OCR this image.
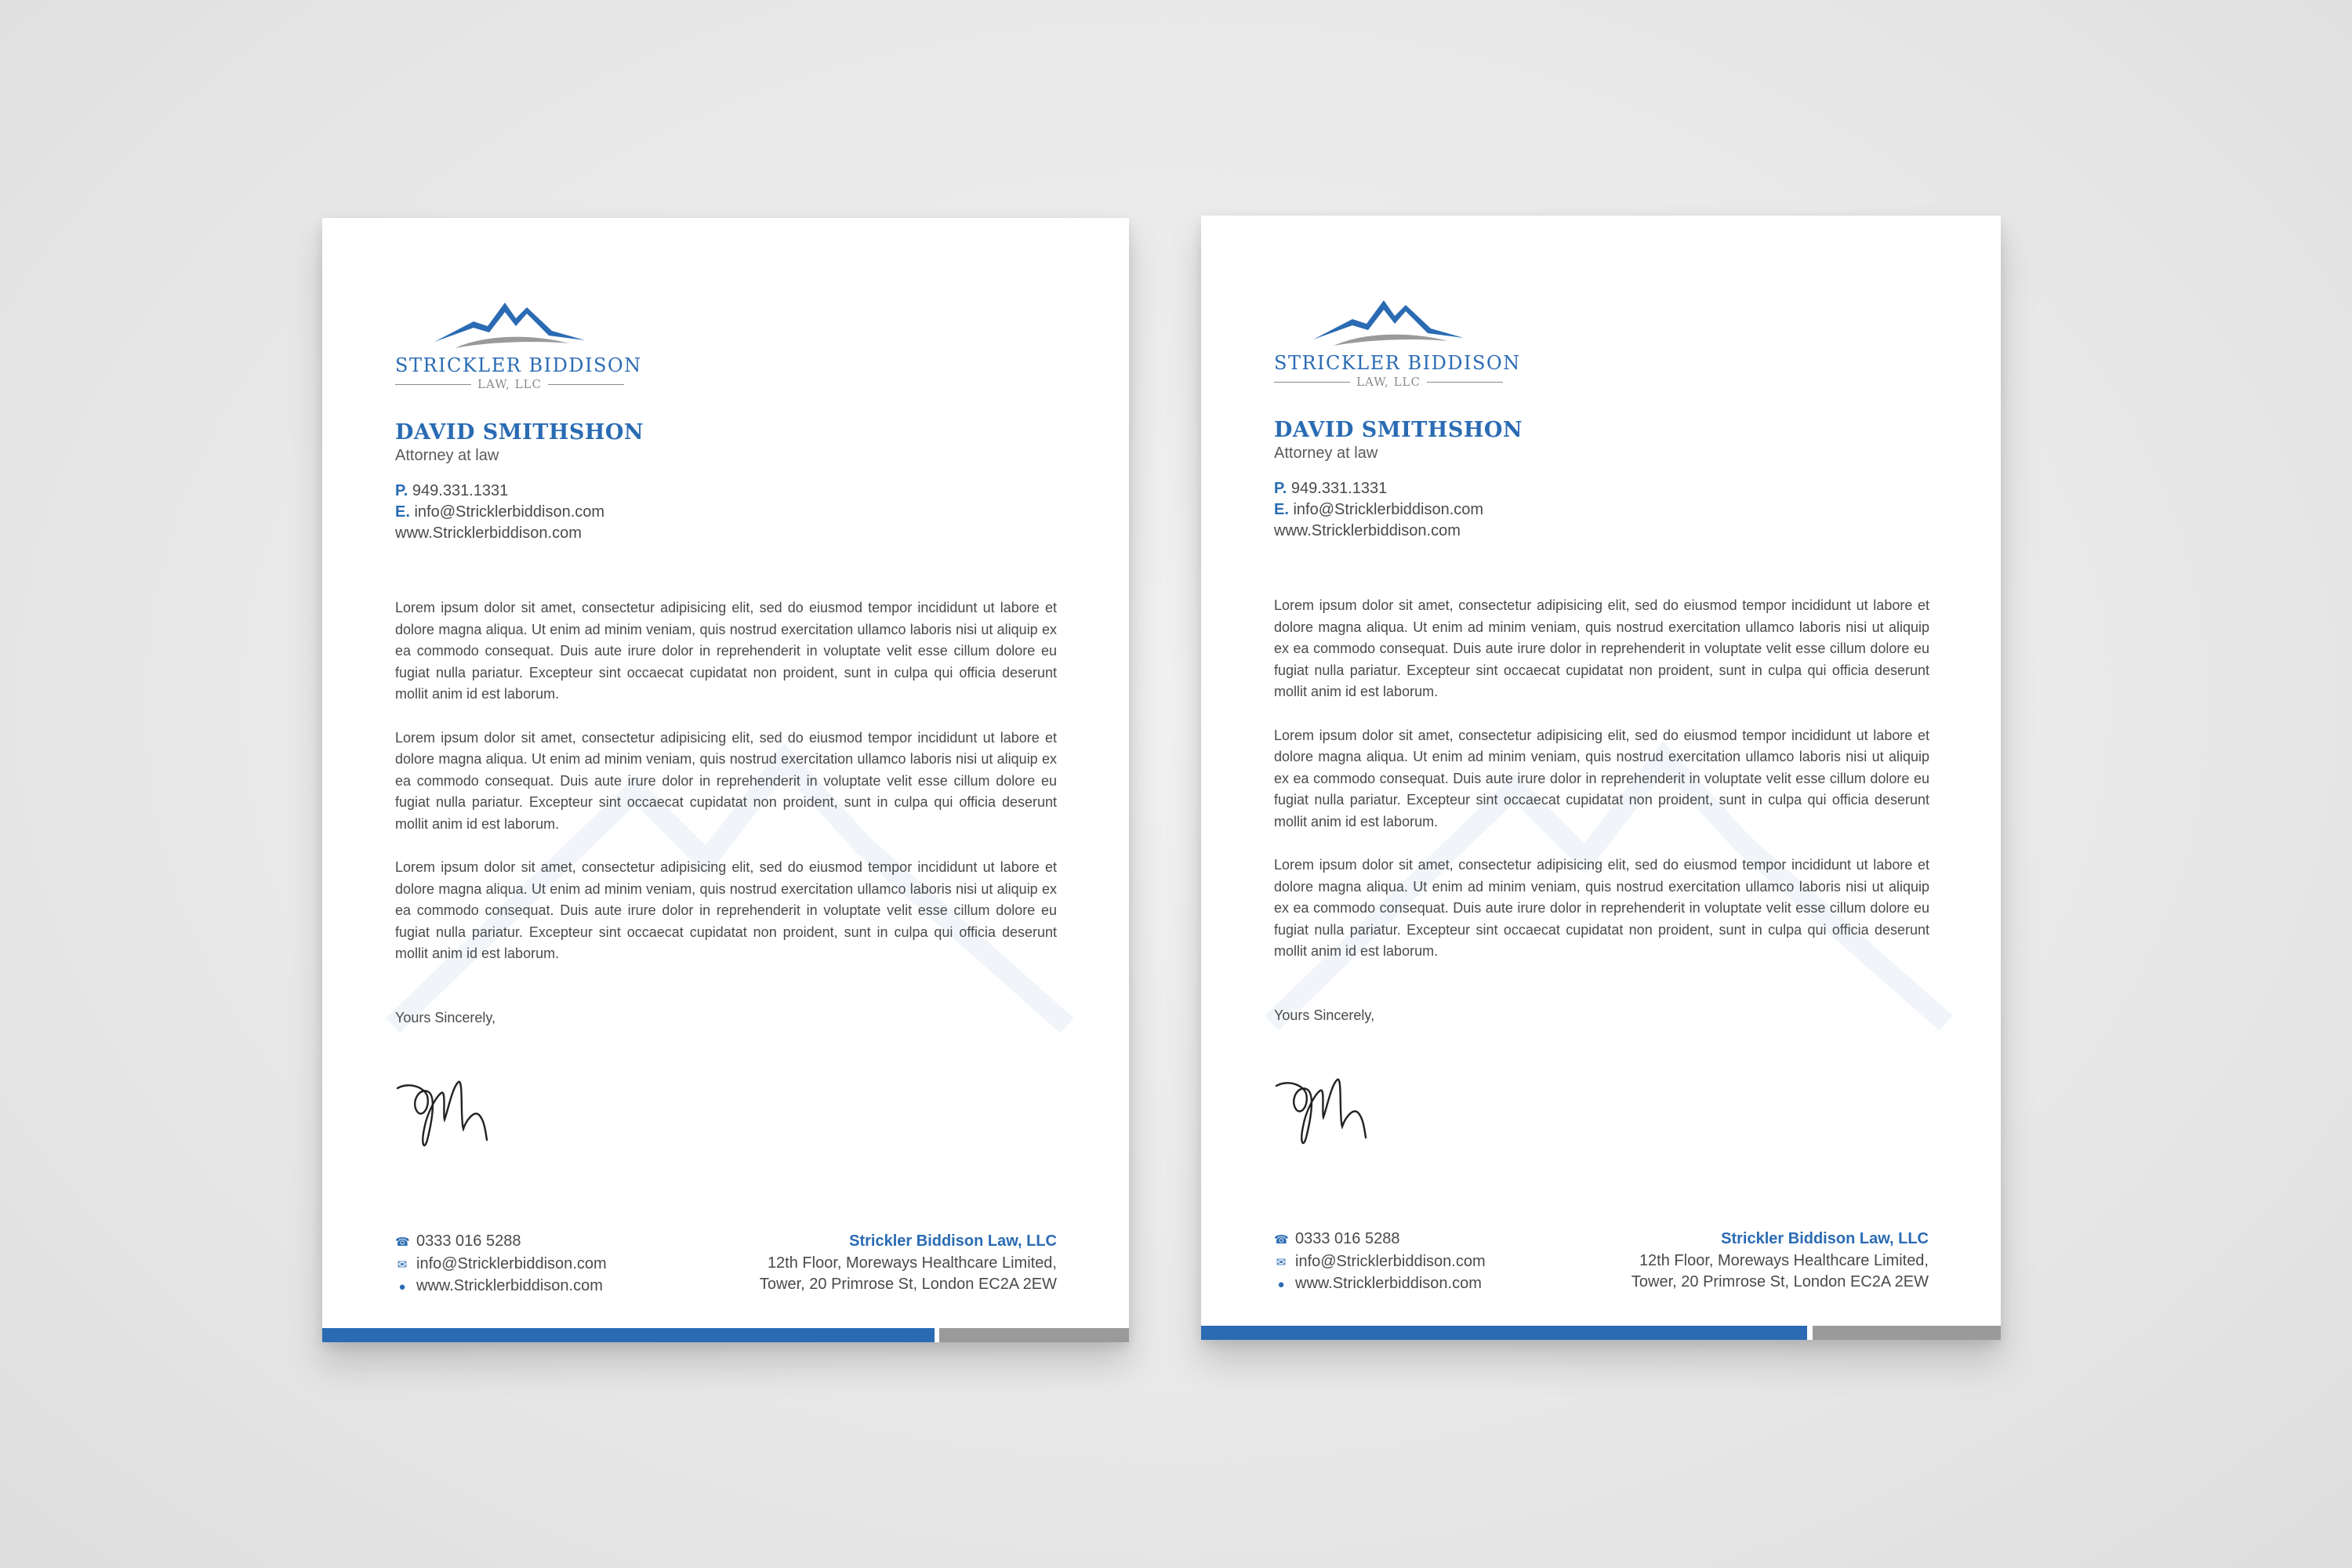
STRICKLER BIDDISON
LAW, LLC
DAVID SMITHSHON
Attorney at law
P. 949.331.1331
E. info@Stricklerbiddison.com
www.Stricklerbiddison.com

Lorem ipsum dolor sit amet, consectetur adipisicing elit, sed do eiusmod tempor incididunt ut labore et dolore magna aliqua. Ut enim ad minim veniam, quis nostrud exercitation ullamco laboris nisi ut aliquip ex ea commodo consequat. Duis aute irure dolor in reprehenderit in voluptate velit esse cillum dolore eu fugiat nulla pariatur. Excepteur sint occaecat cupidatat non proident, sunt in culpa qui officia deserunt mollit anim id est laborum.

Lorem ipsum dolor sit amet, consectetur adipisicing elit, sed do eiusmod tempor incididunt ut labore et dolore magna aliqua. Ut enim ad minim veniam, quis nostrud exercitation ullamco laboris nisi ut aliquip ex ea commodo consequat. Duis aute irure dolor in reprehenderit in voluptate velit esse cillum dolore eu fugiat nulla pariatur. Excepteur sint occaecat cupidatat non proident, sunt in culpa qui officia deserunt mollit anim id est laborum.

Lorem ipsum dolor sit amet, consectetur adipisicing elit, sed do eiusmod tempor incididunt ut labore et dolore magna aliqua. Ut enim ad minim veniam, quis nostrud exercitation ullamco laboris nisi ut aliquip ex ea commodo consequat. Duis aute irure dolor in reprehenderit in voluptate velit esse cillum dolore eu fugiat nulla pariatur. Excepteur sint occaecat cupidatat non proident, sunt in culpa qui officia deserunt mollit anim id est laborum.

Yours Sincerely,
☎ 0333 016 5288
✉ info@Stricklerbiddison.com
● www.Stricklerbiddison.com
Strickler Biddison Law, LLC
12th Floor, Moreways Healthcare Limited,
Tower, 20 Primrose St, London EC2A 2EW
STRICKLER BIDDISON
LAW, LLC
DAVID SMITHSHON
Attorney at law
P. 949.331.1331
E. info@Stricklerbiddison.com
www.Stricklerbiddison.com

Lorem ipsum dolor sit amet, consectetur adipisicing elit, sed do eiusmod tempor incididunt ut labore et dolore magna aliqua. Ut enim ad minim veniam, quis nostrud exercitation ullamco laboris nisi ut aliquip ex ea commodo consequat. Duis aute irure dolor in reprehenderit in voluptate velit esse cillum dolore eu fugiat nulla pariatur. Excepteur sint occaecat cupidatat non proident, sunt in culpa qui officia deserunt mollit anim id est laborum.

Lorem ipsum dolor sit amet, consectetur adipisicing elit, sed do eiusmod tempor incididunt ut labore et dolore magna aliqua. Ut enim ad minim veniam, quis nostrud exercitation ullamco laboris nisi ut aliquip ex ea commodo consequat. Duis aute irure dolor in reprehenderit in voluptate velit esse cillum dolore eu fugiat nulla pariatur. Excepteur sint occaecat cupidatat non proident, sunt in culpa qui officia deserunt mollit anim id est laborum.

Lorem ipsum dolor sit amet, consectetur adipisicing elit, sed do eiusmod tempor incididunt ut labore et dolore magna aliqua. Ut enim ad minim veniam, quis nostrud exercitation ullamco laboris nisi ut aliquip ex ea commodo consequat. Duis aute irure dolor in reprehenderit in voluptate velit esse cillum dolore eu fugiat nulla pariatur. Excepteur sint occaecat cupidatat non proident, sunt in culpa qui officia deserunt mollit anim id est laborum.

Yours Sincerely,
☎ 0333 016 5288
✉ info@Stricklerbiddison.com
● www.Stricklerbiddison.com
Strickler Biddison Law, LLC
12th Floor, Moreways Healthcare Limited,
Tower, 20 Primrose St, London EC2A 2EW
